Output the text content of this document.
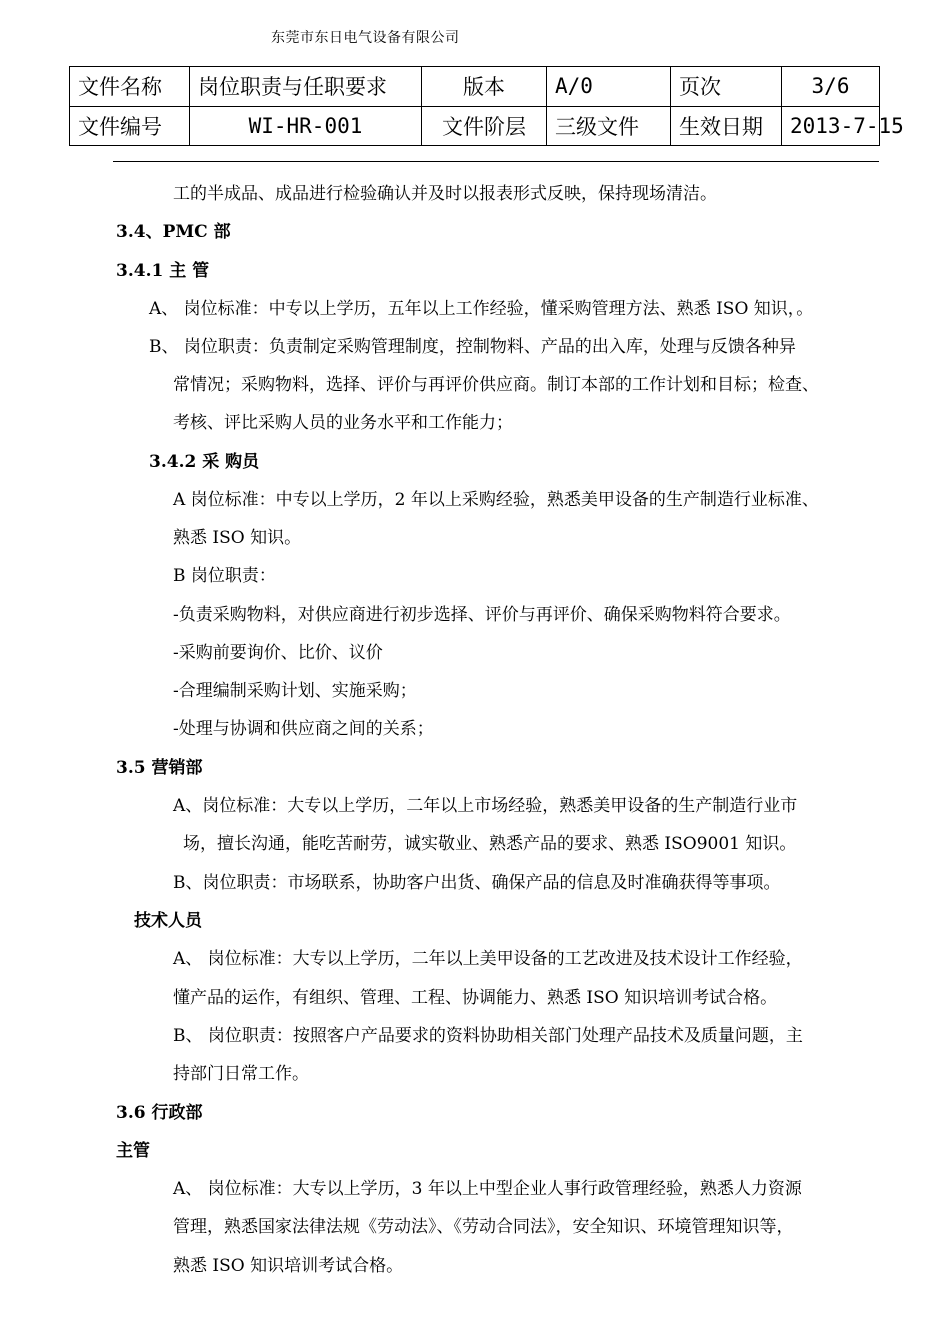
东莞市东日电气设备有限公司
文件名称	岗位职责与任职要求	版本	A/0	页次	3/6
文件编号	WI-HR-001	文件阶层	三级文件	生效日期	2013-7-15
工的半成品、成品进行检验确认并及时以报表形式反映，保持现场清洁。
3.4、PMC 部
3.4.1 主 管
A、 岗位标准：中专以上学历，五年以上工作经验，懂采购管理方法、熟悉 ISO 知识，。
B、 岗位职责：负责制定采购管理制度，控制物料、产品的出入库，处理与反馈各种异
常情况；采购物料，选择、评价与再评价供应商。制订本部的工作计划和目标；检查、
考核、评比采购人员的业务水平和工作能力；
3.4.2 采 购员
A 岗位标准：中专以上学历，2 年以上采购经验，熟悉美甲设备的生产制造行业标准、
熟悉 ISO 知识。
B 岗位职责：
-负责采购物料，对供应商进行初步选择、评价与再评价、确保采购物料符合要求。
-采购前要询价、比价、议价
-合理编制采购计划、实施采购；
-处理与协调和供应商之间的关系；
3.5 营销部
A、岗位标准：大专以上学历，二年以上市场经验，熟悉美甲设备的生产制造行业市
场，擅长沟通，能吃苦耐劳，诚实敬业、熟悉产品的要求、熟悉 ISO9001 知识。
B、岗位职责：市场联系，协助客户出货、确保产品的信息及时准确获得等事项。
技术人员
A、 岗位标准：大专以上学历，二年以上美甲设备的工艺改进及技术设计工作经验，
懂产品的运作，有组织、管理、工程、协调能力、熟悉 ISO 知识培训考试合格。
B、 岗位职责：按照客户产品要求的资料协助相关部门处理产品技术及质量问题，主
持部门日常工作。
3.6 行政部
主管
A、 岗位标准：大专以上学历，3 年以上中型企业人事行政管理经验，熟悉人力资源
管理，熟悉国家法律法规《劳动法》、《劳动合同法》，安全知识、环境管理知识等，
熟悉 ISO 知识培训考试合格。
